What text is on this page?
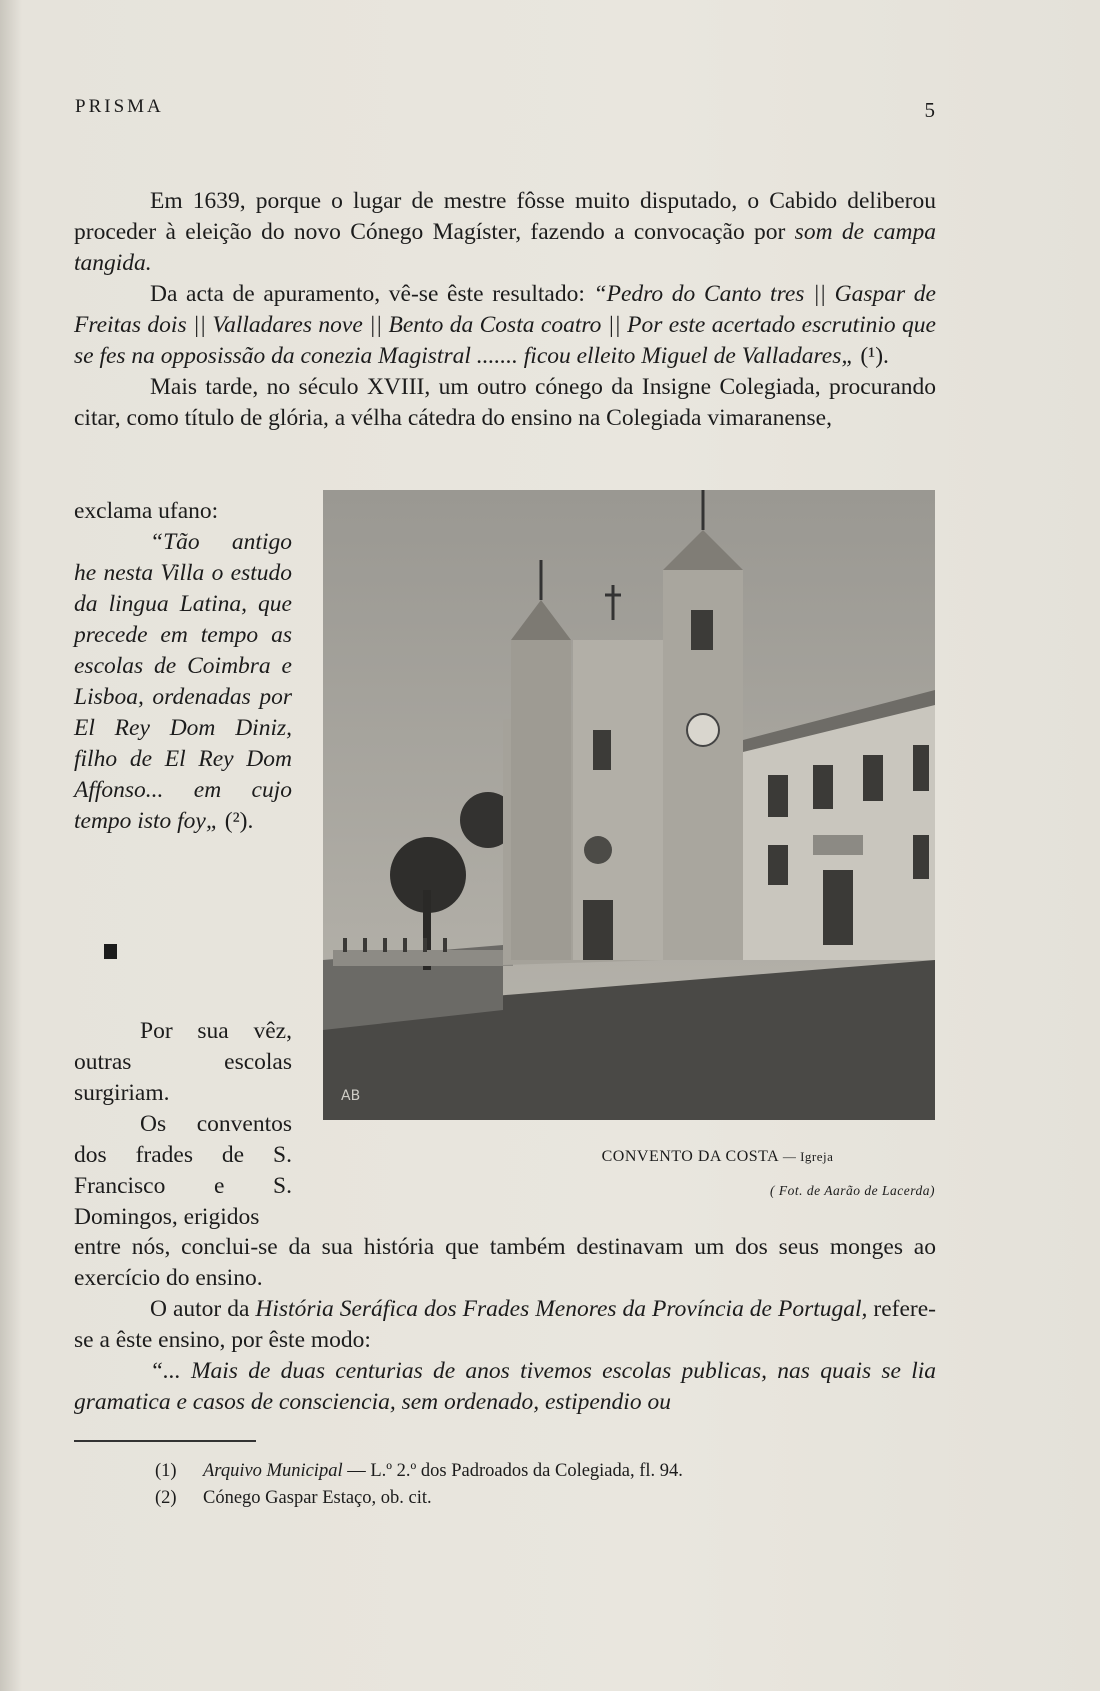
PRISMA	5

Em 1639, porque o lugar de mestre fôsse muito disputado, o Cabido deliberou proceder à eleição do novo Cónego Magíster, fazendo a convocação por som de campa tangida.

Da acta de apuramento, vê-se êste resultado: “Pedro do Canto tres || Gaspar de Freitas dois || Valladares nove || Bento da Costa coatro || Por este acertado escrutinio que se fes na opposissão da conezia Magistral ....... ficou elleito Miguel de Valladares„ (¹).

Mais tarde, no século XVIII, um outro cónego da Insigne Colegiada, procurando citar, como título de glória, a vélha cátedra do ensino na Colegiada vimaranense,

exclama ufano:

“Tão antigo he nesta Villa o estudo da lingua Latina, que precede em tempo as escolas de Coimbra e Lisboa, ordenadas por El Rey Dom Diniz, filho de El Rey Dom Affonso... em cujo tempo isto foy„ (²).

Por sua vêz, outras escolas surgiriam.

Os conventos dos frades de S. Francisco e S. Domingos, erigidos

AB
CONVENTO DA COSTA — Igreja
( Fot. de Aarão de Lacerda)

entre nós, conclui-se da sua história que também destinavam um dos seus monges ao exercício do ensino.

O autor da História Seráfica dos Frades Menores da Província de Portugal, refere-se a êste ensino, por êste modo:

“... Mais de duas centurias de anos tivemos escolas publicas, nas quais se lia gramatica e casos de consciencia, sem ordenado, estipendio ou

(1)	Arquivo Municipal — L.º 2.º dos Padroados da Colegiada, fl. 94.
(2)	Cónego Gaspar Estaço, ob. cit.
